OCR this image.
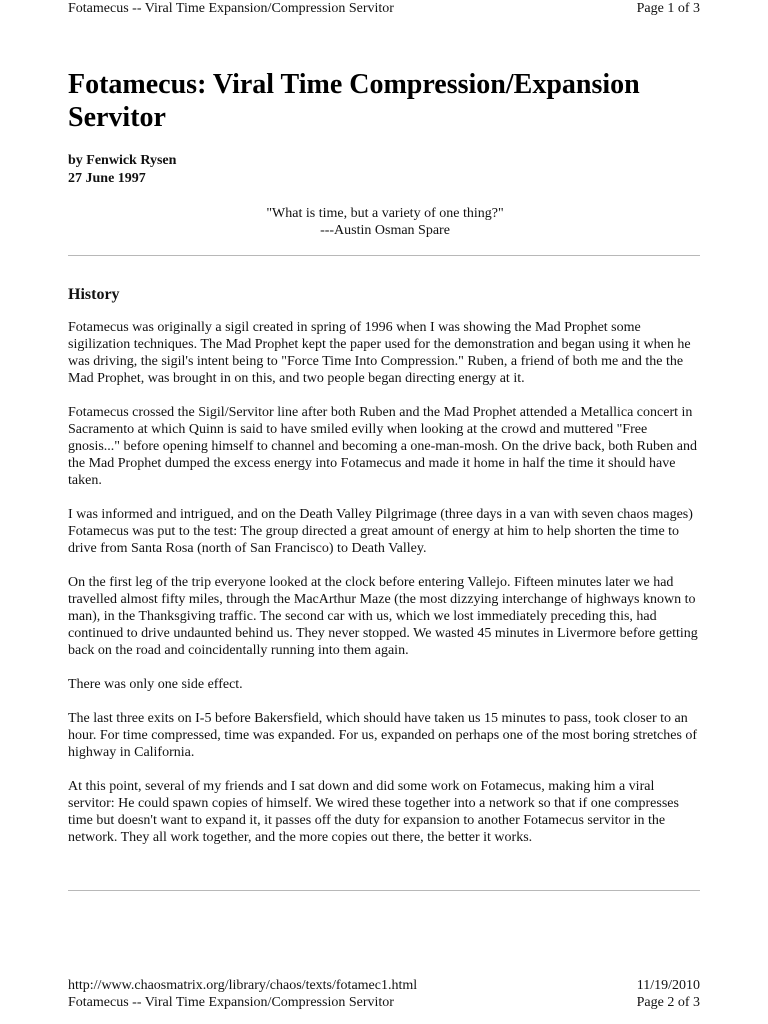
Fotamecus -- Viral Time Expansion/Compression Servitor	Page 1 of 3
Fotamecus: Viral Time Compression/Expansion Servitor
by Fenwick Rysen
27 June 1997
"What is time, but a variety of one thing?"
---Austin Osman Spare
History

Fotamecus was originally a sigil created in spring of 1996 when I was showing the Mad Prophet some sigilization techniques. The Mad Prophet kept the paper used for the demonstration and began using it when he was driving, the sigil's intent being to "Force Time Into Compression." Ruben, a friend of both me and the the Mad Prophet, was brought in on this, and two people began directing energy at it.

Fotamecus crossed the Sigil/Servitor line after both Ruben and the Mad Prophet attended a Metallica concert in Sacramento at which Quinn is said to have smiled evilly when looking at the crowd and muttered "Free gnosis..." before opening himself to channel and becoming a one-man-mosh. On the drive back, both Ruben and the Mad Prophet dumped the excess energy into Fotamecus and made it home in half the time it should have taken.

I was informed and intrigued, and on the Death Valley Pilgrimage (three days in a van with seven chaos mages) Fotamecus was put to the test: The group directed a great amount of energy at him to help shorten the time to drive from Santa Rosa (north of San Francisco) to Death Valley.

On the first leg of the trip everyone looked at the clock before entering Vallejo. Fifteen minutes later we had travelled almost fifty miles, through the MacArthur Maze (the most dizzying interchange of highways known to man), in the Thanksgiving traffic. The second car with us, which we lost immediately preceding this, had continued to drive undaunted behind us. They never stopped. We wasted 45 minutes in Livermore before getting back on the road and coincidentally running into them again.

There was only one side effect.

The last three exits on I-5 before Bakersfield, which should have taken us 15 minutes to pass, took closer to an hour. For time compressed, time was expanded. For us, expanded on perhaps one of the most boring stretches of highway in California.

At this point, several of my friends and I sat down and did some work on Fotamecus, making him a viral servitor: He could spawn copies of himself. We wired these together into a network so that if one compresses time but doesn't want to expand it, it passes off the duty for expansion to another Fotamecus servitor in the network. They all work together, and the more copies out there, the better it works.

http://www.chaosmatrix.org/library/chaos/texts/fotamec1.html	11/19/2010
Fotamecus -- Viral Time Expansion/Compression Servitor	Page 2 of 3
